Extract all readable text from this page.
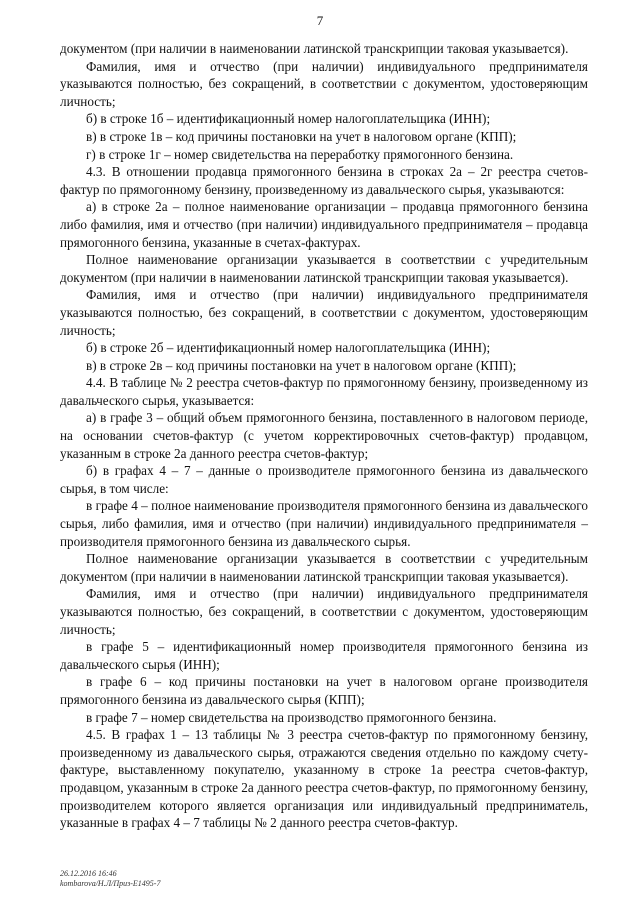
7

документом (при наличии в наименовании латинской транскрипции таковая указывается).

Фамилия, имя и отчество (при наличии) индивидуального предпринимателя указываются полностью, без сокращений, в соответствии с документом, удостоверяющим личность;

б) в строке 1б – идентификационный номер налогоплательщика (ИНН);

в) в строке 1в – код причины постановки на учет в налоговом органе (КПП);

г) в строке 1г – номер свидетельства на переработку прямогонного бензина.

4.3. В отношении продавца прямогонного бензина в строках 2а – 2г реестра счетов-фактур по прямогонному бензину, произведенному из давальческого сырья, указываются:

а) в строке 2а – полное наименование организации – продавца прямогонного бензина либо фамилия, имя и отчество (при наличии) индивидуального предпринимателя – продавца прямогонного бензина, указанные в счетах-фактурах.

Полное наименование организации указывается в соответствии с учредительным документом (при наличии в наименовании латинской транскрипции таковая указывается).

Фамилия, имя и отчество (при наличии) индивидуального предпринимателя указываются полностью, без сокращений, в соответствии с документом, удостоверяющим личность;

б) в строке 2б – идентификационный номер налогоплательщика (ИНН);

в) в строке 2в – код причины постановки на учет в налоговом органе (КПП);

4.4. В таблице № 2 реестра счетов-фактур по прямогонному бензину, произведенному из давальческого сырья, указывается:

а) в графе 3 – общий объем прямогонного бензина, поставленного в налоговом периоде, на основании счетов-фактур (с учетом корректировочных счетов-фактур) продавцом, указанным в строке 2а данного реестра счетов-фактур;

б) в графах 4 – 7 – данные о производителе прямогонного бензина из давальческого сырья, в том числе:

в графе 4 – полное наименование производителя прямогонного бензина из давальческого сырья, либо фамилия, имя и отчество (при наличии) индивидуального предпринимателя – производителя прямогонного бензина из давальческого сырья.

Полное наименование организации указывается в соответствии с учредительным документом (при наличии в наименовании латинской транскрипции таковая указывается).

Фамилия, имя и отчество (при наличии) индивидуального предпринимателя указываются полностью, без сокращений, в соответствии с документом, удостоверяющим личность;

в графе 5 – идентификационный номер производителя прямогонного бензина из давальческого сырья (ИНН);

в графе 6 – код причины постановки на учет в налоговом органе производителя прямогонного бензина из давальческого сырья (КПП);

в графе 7 – номер свидетельства на производство прямогонного бензина.

4.5. В графах 1 – 13 таблицы № 3 реестра счетов-фактур по прямогонному бензину, произведенному из давальческого сырья, отражаются сведения отдельно по каждому счету-фактуре, выставленному покупателю, указанному в строке 1а реестра счетов-фактур, продавцом, указанным в строке 2а данного реестра счетов-фактур, по прямогонному бензину, производителем которого является организация или индивидуальный предприниматель, указанные в графах 4 – 7 таблицы № 2 данного реестра счетов-фактур.

26.12.2016 16:46
kombarova/Н.Л/Приз-Е1495-7
